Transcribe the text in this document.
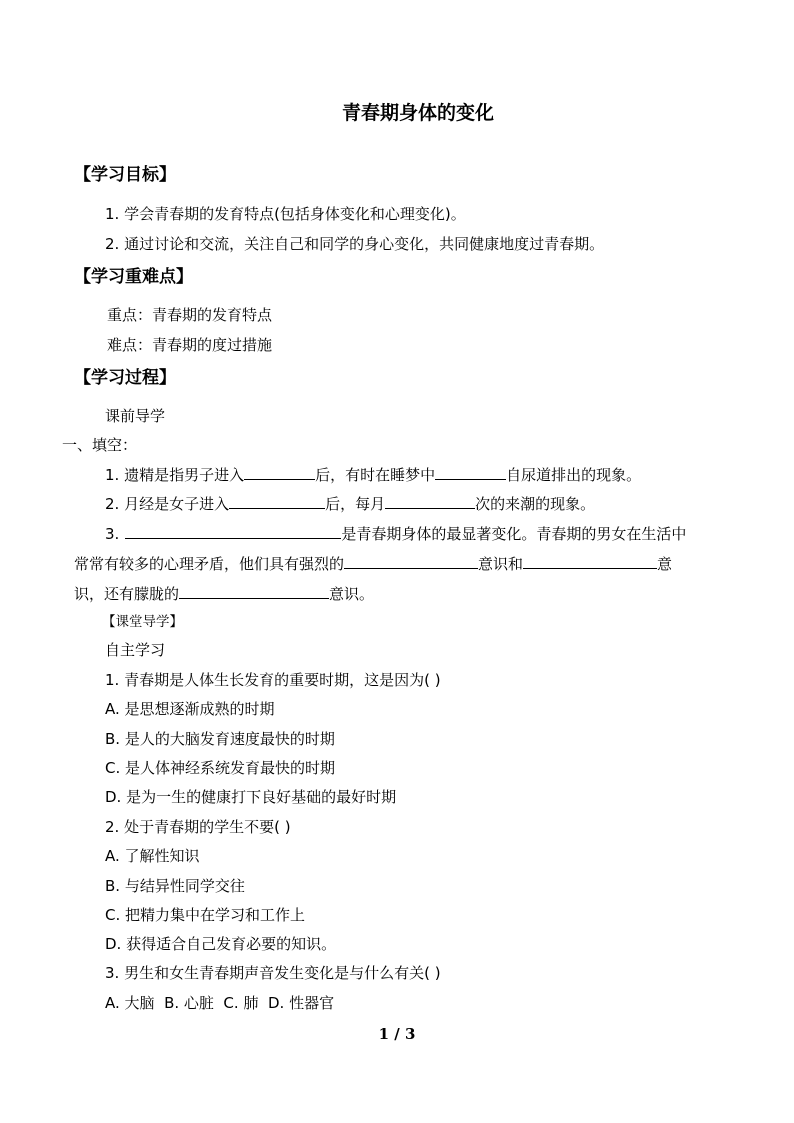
青春期身体的变化
【学习目标】
1. 学会青春期的发育特点(包括身体变化和心理变化)。
2. 通过讨论和交流，关注自己和同学的身心变化，共同健康地度过青春期。
【学习重难点】
重点：青春期的发育特点
难点：青春期的度过措施
【学习过程】
课前导学
一、填空：
1. 遗精是指男子进入	后，有时在睡梦中	自尿道排出的现象。
2. 月经是女子进入	后，每月	次的来潮的现象。
3.	是青春期身体的最显著变化。青春期的男女在生活中
常常有较多的心理矛盾，他们具有强烈的	意识和	意
识，还有朦胧的	意识。
【课堂导学】
自主学习
1. 青春期是人体生长发育的重要时期，这是因为( )
A. 是思想逐渐成熟的时期
B. 是人的大脑发育速度最快的时期
C. 是人体神经系统发育最快的时期
D. 是为一生的健康打下良好基础的最好时期
2. 处于青春期的学生不要( )
A. 了解性知识
B. 与结异性同学交往
C. 把精力集中在学习和工作上
D. 获得适合自己发育必要的知识。
3. 男生和女生青春期声音发生变化是与什么有关( )
A. 大脑  B. 心脏  C. 肺  D. 性器官
1 / 3
